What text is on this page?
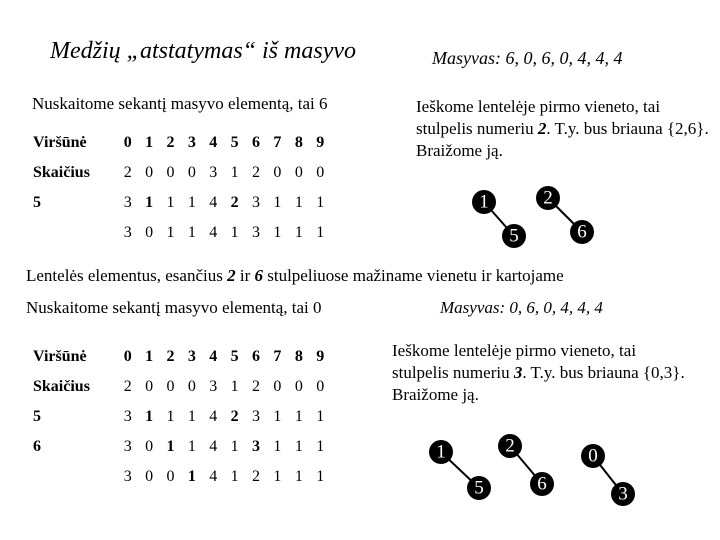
Medžių „atstatymas“ iš masyvo	Masyvas: 6, 0, 6, 0, 4, 4, 4
Nuskaitome sekantį masyvo elementą, tai 6
Viršūnė	0	1	2	3	4	5	6	7	8	9
Skaičius	2	0	0	0	3	1	2	0	0	0
5	3	1	1	1	4	2	3	1	1	1
	3	0	1	1	4	1	3	1	1	1
Ieškome lentelėje pirmo vieneto, tai stulpelis numeriu 2. T.y. bus briauna {2,6}. Braižome ją.
1	2
5	6
Lentelės elementus, esančius 2 ir 6 stulpeliuose mažiname vienetu ir kartojame
Nuskaitome sekantį masyvo elementą, tai 0	Masyvas: 0, 6, 0, 4, 4, 4
Viršūnė	0	1	2	3	4	5	6	7	8	9
Skaičius	2	0	0	0	3	1	2	0	0	0
5	3	1	1	1	4	2	3	1	1	1
6	3	0	1	1	4	1	3	1	1	1
	3	0	0	1	4	1	2	1	1	1
Ieškome lentelėje pirmo vieneto, tai stulpelis numeriu 3. T.y. bus briauna {0,3}. Braižome ją.
1	2	0
5	6	3
